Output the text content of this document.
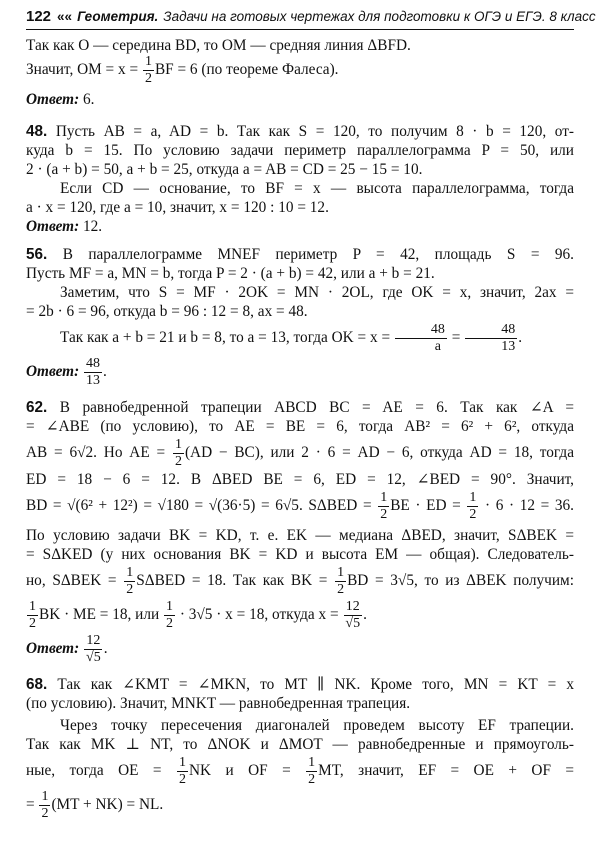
122 «« Геометрия. Задачи на готовых чертежах для подготовки к ОГЭ и ЕГЭ. 8 класс
Так как O — середина BD, то OM — средняя линия ΔBFD.
Значит, OM = $x = \frac{1}{2}$ BF = 6 (по теореме Фалеса).
Ответ: 6.
48. Пусть AB = a, AD = b. Так как S = 120, то получим 8 · b = 120, от-
куда b = 15. По условию задачи периметр параллелограмма P = 50, или
2 · (a + b) = 50, a + b = 25, откуда a = AB = CD = 25 − 15 = 10.
Если CD — основание, то BF = x — высота параллелограмма, тогда
a · x = 120, где a = 10, значит, x = 120 : 10 = 12.
Ответ: 12.
56. В параллелограмме MNEF периметр P = 42, площадь S = 96.
Пусть MF = a, MN = b, тогда P = 2 · (a + b) = 42, или a + b = 21.
Заметим, что S = MF · 2OK = MN · 2OL, где OK = x, значит, 2ax =
= 2b · 6 = 96, откуда b = 96 : 12 = 8, ax = 48.
Так как a + b = 21 и b = 8, то a = 13, тогда OK = $x = \frac{48}{a} = \frac{48}{13}$ .
Ответ: $\frac{48}{13}$ .
62. В равнобедренной трапеции ABCD BC = AE = 6. Так как ∠A =
= ∠ABE (по условию), то AE = BE = 6, тогда AB² = 6² + 6², откуда
AB = 6√2. Но AE = $\frac{1}{2} (AD - BC)$, или 2 · 6 = AD − 6, откуда AD = 18, тогда
ED = 18 − 6 = 12. В ΔBED BE = 6, ED = 12, ∠BED = 90°. Значит,
BD = √(6² + 12²) = √180 = √(36·5) = 6√5. $S\Delta BED = \frac{1}{2}$ BE · ED = $\frac{1}{2} \cdot 6 \cdot 12 = 36$.
По условию задачи BK = KD, т. е. EK — медиана ΔBED, значит, SΔBEK =
= SΔKED (у них основания BK = KD и высота EM — общая). Следователь-
но, $S\Delta BEK = \frac{1}{2}$ SΔBED = 18. Так как BK = $\frac{1}{2}$ BD = 3√5, то из ΔBEK получим:
$\frac{1}{2}$ BK · ME = 18, или $\frac{1}{2} \cdot 3√5 \cdot x = 18$, откуда $x = \frac{12}{√5}$ .
Ответ: $\frac{12}{√5}$ .
68. Так как ∠KMT = ∠MKN, то MT ∥ NK. Кроме того, MN = KT = x
(по условию). Значит, MNKT — равнобедренная трапеция.
Через точку пересечения диагоналей проведем высоту EF трапеции.
Так как MK ⊥ NT, то ΔNOK и ΔMOT — равнобедренные и прямоуголь-
ные, тогда OE = $\frac{1}{2}$ NK и OF = $\frac{1}{2}$ MT, значит, EF = OE + OF =
= $\frac{1}{2} (MT + NK)$ = NL.
